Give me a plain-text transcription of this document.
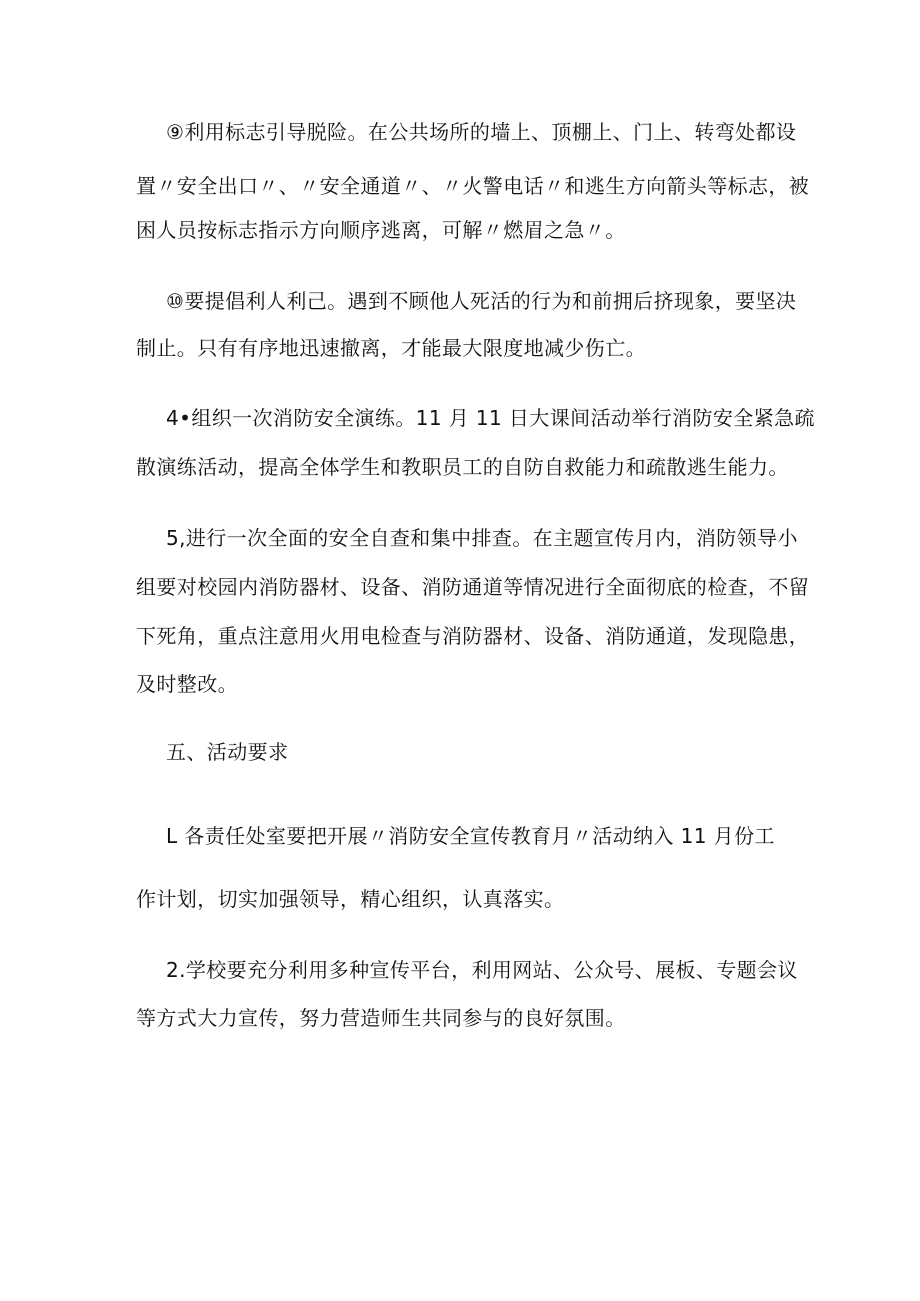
⑨利用标志引导脱险。在公共场所的墙上、顶棚上、门上、转弯处都设
置〃安全出口〃、〃安全通道〃、〃火警电话〃和逃生方向箭头等标志，被
困人员按标志指示方向顺序逃离，可解〃燃眉之急〃。
⑩要提倡利人利己。遇到不顾他人死活的行为和前拥后挤现象，要坚决
制止。只有有序地迅速撤离，才能最大限度地减少伤亡。
4•组织一次消防安全演练。11 月 11 日大课间活动举行消防安全紧急疏
散演练活动，提高全体学生和教职员工的自防自救能力和疏散逃生能力。
5,进行一次全面的安全自查和集中排查。在主题宣传月内，消防领导小
组要对校园内消防器材、设备、消防通道等情况进行全面彻底的检查，不留
下死角，重点注意用火用电检查与消防器材、设备、消防通道，发现隐患，
及时整改。
五、活动要求
L 各责任处室要把开展〃消防安全宣传教育月〃活动纳入 11 月份工
作计划，切实加强领导，精心组织，认真落实。
2.学校要充分利用多种宣传平台，利用网站、公众号、展板、专题会议
等方式大力宣传，努力营造师生共同参与的良好氛围。
